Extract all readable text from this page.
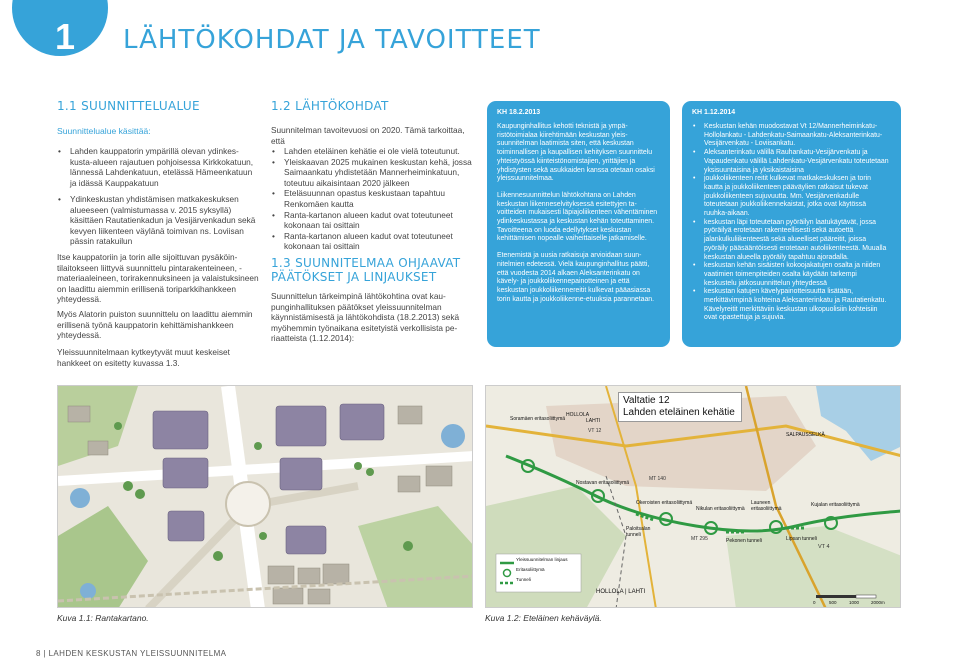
1	LÄHTÖKOHDAT JA TAVOITTEET
1.1 SUUNNITTELUALUE
Suunnittelualue käsittää:
• Lahden kauppatorin ympärillä olevan ydinkeskusta-alueen rajautuen pohjoisessa Kirkkokatuun, lännessä Lahdenkatuun, etelässä Hämeenkatuun ja idässä Kauppakatuun
• Ydinkeskustan yhdistämisen matkakeskuksen alueeseen (valmistumassa v. 2015 syksyllä) käsittäen Rautatienkadun ja Vesijärvenkadun sekä kevyen liikenteen väylänä toimivan ns. Loviisan pässin ratakuilun
Itse kauppatoriin ja torin alle sijoittuvan pysäköintilaitokseen liittyvä suunnittelu pintarakenteineen, -materiaaleineen, torirakennuksineen ja valaistuksineen on laadittu aiemmin erillisenä toriparkkihankkeen yhteydessä.
Myös Alatorin puiston suunnittelu on laadittu aiemmin erillisenä työnä kauppatorin kehittämishankkeen yhteydessä.
Yleissuunnitelmaan kytkeytyvät muut keskeiset hankkeet on esitetty kuvassa 1.3.
1.2 LÄHTÖKOHDAT
Suunnitelman tavoitevuosi on 2020. Tämä tarkoittaa, että
• Lahden eteläinen kehätie ei ole vielä toteutunut.
• Yleiskaavan 2025 mukainen keskustan kehä, jossa Saimaankatu yhdistetään Mannerheiminkatuun, toteutuu aikaisintaan 2020 jälkeen
• Eteläsuunnan opastus keskustaan tapahtuu Renkomäen kautta
• Ranta-kartanon alueen kadut ovat toteutuneet kokonaan tai osittain
• Ranta-kartanon alueen kadut ovat toteutuneet kokonaan tai osittain
1.3 SUUNNITELMAA OHJAAVAT PÄÄTÖKSET JA LINJAUKSET
Suunnittelun tärkeimpinä lähtökohtina ovat kaupunginhallituksen päätökset yleissuunnitelman käynnistämisestä ja lähtökohdista (18.2.2013) sekä myöhemmin työnaikana esitetyistä verkollisista periaatteista (1.12.2014):
KH 18.2.2013
Kaupunginhallitus kehotti teknistä ja ympäristötoimialaa kiirehtimään keskustan yleissuunnitelman laatimista siten, että keskustan toiminnallisen ja kaupallisen kehityksen suunnittelu yhteistyössä kiinteistönomistajien, yrittäjien ja yhdistysten sekä asukkaiden kanssa otetaan osaksi yleissuunnitelmaa.
Liikennesuunnittelun lähtökohtana on Lahden keskustan liikenneselvityksessä esitettyjen tavoitteiden mukaisesti läpiajoliikenteen vähentäminen ydinkeskustassa ja keskustan kehän toteuttaminen. Tavoitteena on luoda edellytykset keskustan kehittämisen nopealle vaiheittaiselle jatkamiselle.
Etenemistä ja uusia ratkaisuja arvioidaan suunnitelmien edetessä. Vielä kaupunginhallitus päätti, että vuodesta 2014 alkaen Aleksanterinkatu on kävely- ja joukkoliikennepainotteinen ja että keskustan joukkoliikennereitit kulkevat pääasiassa torin kautta ja joukkoliikenne-etuuksia parannetaan.
KH 1.12.2014
• Keskustan kehän muodostavat Vt 12/Mannerheiminkatu- Hollolankatu - Lahdenkatu-Saimaankatu-Aleksanterinkatu-Vesijärvenkatu - Loviisankatu.
• Aleksanterinkatu välillä Rauhankatu-Vesijärvenkatu ja Vapaudenkatu välillä Lahdenkatu-Vesijärvenkatu toteutetaan yksisuuntaisina ja yksikaistaisina
• joukkoliikenteen reitit kulkevat matkakeskuksen ja torin kautta ja joukkoliikenteen pääväylien ratkaisut tukevat joukkoliikenteen sujuvuutta. Mm. Vesijärvenkadulle toteutetaan joukkoliikennekaistat, jotka ovat käytössä ruuhka-aikaan.
• keskustan läpi toteutetaan pyöräilyn laatukäytävät, jossa pyöräilyä erotetaan rakenteellisesti sekä autoettä jalankulkuliikenteestä sekä alueelliset pääreitit, joissa pyöräily pääsääntöisesti erotetaan autoliikenteestä. Muualla keskustan alueella pyöräily tapahtuu ajoradalla.
• keskustan kehän sisäisten kokoojakatujen osalta ja niiden vaatimien toimenpiteiden osalta käydään tarkempi keskustelu jatkosuunnittelun yhteydessä
• keskustan katujen kävelypainotteisuutta lisätään, merkittävimpinä kohteina Aleksanterinkatu ja Rautatienkatu. Kävelyreitit merkittäviin keskustan ulkopuolisiin kohteisiin ovat opastettuja ja sujuvia.
Kuva 1.1: Rantakartano.
Valtatie 12
Lahden eteläinen kehätie
Soramäen eritasoliittymä
HOLLOLA
LAHTI
VT 12
SALPAUSSELKÄ
Nostavan eritasoliittymä
Okeroisten eritasoliittymä
Nikulan eritasoliittymä
Launeen eritasoliittymä
Kujalan eritasoliittymä
Paloitsalan tunneli
Pekonen tunneli	Lipsan tunneli
HOLLOLA | LAHTI
VT 4
MT 140
MT 295
Yleissuunnitelman linjaus
Eritasoliittymä
Tunneli
0	500	1000	2000m
Kuva 1.2: Eteläinen kehäväylä.
8 | LAHDEN KESKUSTAN YLEISSUUNNITELMA
